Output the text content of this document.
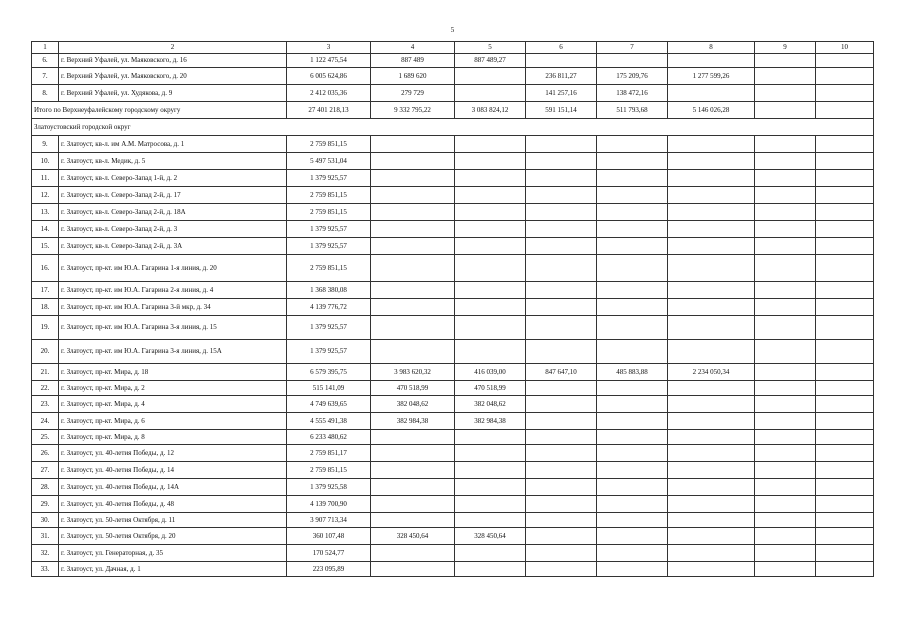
5
1	2	3	4	5	6	7	8	9	10
6.	г. Верхний Уфалей, ул. Маяковского, д. 16	1 122 475,54	887 489	887 489,27					
7.	г. Верхний Уфалей, ул. Маяковского, д. 20	6 005 624,86	1 689 620		236 811,27	175 209,76	1 277 599,26		
8.	г. Верхний Уфалей, ул. Худякова, д. 9	2 412 035,36	279 729		141 257,16	138 472,16			
Итого по Верхнеуфалейскому городскому округу		27 401 218,13	9 332 795,22	3 083 824,12	591 151,14	511 793,68	5 146 026,28		
Златоустовский городской округ									
9.	г. Златоуст, кв-л. им А.М. Матросова, д. 1	2 759 851,15							
10.	г. Златоуст, кв-л. Медик, д. 5	5 497 531,04							
11.	г. Златоуст, кв-л. Северо-Запад 1-й, д. 2	1 379 925,57							
12.	г. Златоуст, кв-л. Северо-Запад 2-й, д. 17	2 759 851,15							
13.	г. Златоуст, кв-л. Северо-Запад 2-й, д. 18А	2 759 851,15							
14.	г. Златоуст, кв-л. Северо-Запад 2-й, д. 3	1 379 925,57							
15.	г. Златоуст, кв-л. Северо-Запад 2-й, д. 3А	1 379 925,57							
16.	г. Златоуст, пр-кт. им Ю.А. Гагарина 1-я линия, д. 20	2 759 851,15							
17.	г. Златоуст, пр-кт. им Ю.А. Гагарина 2-я линия, д. 4	1 368 380,08							
18.	г. Златоуст, пр-кт. им Ю.А. Гагарина 3-й мкр, д. 34	4 139 776,72							
19.	г. Златоуст, пр-кт. им Ю.А. Гагарина 3-я линия, д. 15	1 379 925,57							
20.	г. Златоуст, пр-кт. им Ю.А. Гагарина 3-я линия, д. 15А	1 379 925,57							
21.	г. Златоуст, пр-кт. Мира, д. 18	6 579 395,75	3 983 620,32	416 039,00	847 647,10	485 883,88	2 234 050,34		
22.	г. Златоуст, пр-кт. Мира, д. 2	515 141,09	470 518,99	470 518,99					
23.	г. Златоуст, пр-кт. Мира, д. 4	4 749 639,65	382 048,62	382 048,62					
24.	г. Златоуст, пр-кт. Мира, д. 6	4 555 491,38	382 984,38	382 984,38					
25.	г. Златоуст, пр-кт. Мира, д. 8	6 233 480,62							
26.	г. Златоуст, ул. 40-летия Победы, д. 12	2 759 851,17							
27.	г. Златоуст, ул. 40-летия Победы, д. 14	2 759 851,15							
28.	г. Златоуст, ул. 40-летия Победы, д. 14А	1 379 925,58							
29.	г. Златоуст, ул. 40-летия Победы, д. 48	4 139 700,90							
30.	г. Златоуст, ул. 50-летия Октября, д. 11	3 907 713,34							
31.	г. Златоуст, ул. 50-летия Октября, д. 20	360 107,48	328 450,64	328 450,64					
32.	г. Златоуст, ул. Генераторная, д. 35	170 524,77							
33.	г. Златоуст, ул. Дачная, д. 1	223 095,89							
